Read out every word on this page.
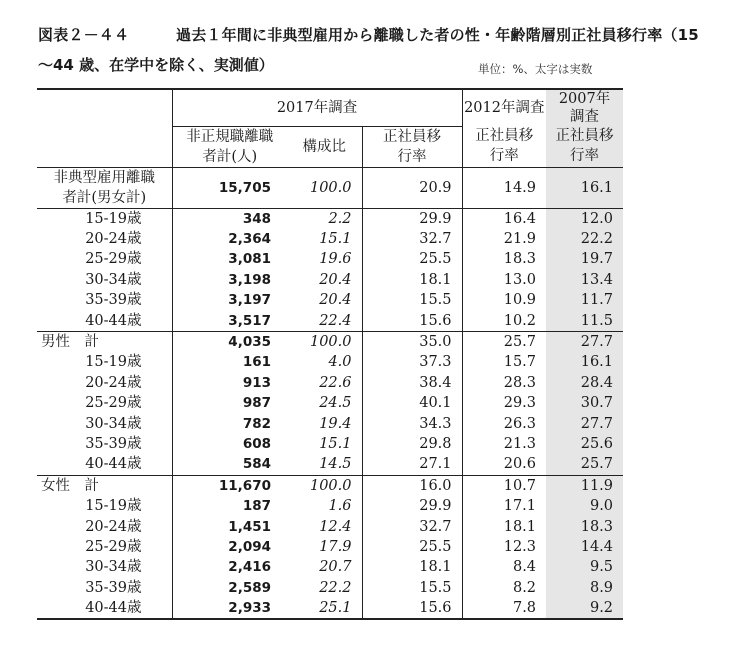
図表２－４４	過去１年間に非典型雇用から離職した者の性・年齢階層別正社員移行率（15
～44 歳、在学中を除く、実測値）	単位：%、太字は実数
	2017年調査			2012年調査	2007年
調査
	非正規職離職
者計(人)	構成比	正社員移
行率	正社員移
行率	正社員移
行率
非典型雇用離職
者計(男女計)	15,705	100.0	20.9	14.9	16.1
15-19歳	348	2.2	29.9	16.4	12.0
20-24歳	2,364	15.1	32.7	21.9	22.2
25-29歳	3,081	19.6	25.5	18.3	19.7
30-34歳	3,198	20.4	18.1	13.0	13.4
35-39歳	3,197	20.4	15.5	10.9	11.7
40-44歳	3,517	22.4	15.6	10.2	11.5
男性　計	4,035	100.0	35.0	25.7	27.7
15-19歳	161	4.0	37.3	15.7	16.1
20-24歳	913	22.6	38.4	28.3	28.4
25-29歳	987	24.5	40.1	29.3	30.7
30-34歳	782	19.4	34.3	26.3	27.7
35-39歳	608	15.1	29.8	21.3	25.6
40-44歳	584	14.5	27.1	20.6	25.7
女性　計	11,670	100.0	16.0	10.7	11.9
15-19歳	187	1.6	29.9	17.1	9.0
20-24歳	1,451	12.4	32.7	18.1	18.3
25-29歳	2,094	17.9	25.5	12.3	14.4
30-34歳	2,416	20.7	18.1	8.4	9.5
35-39歳	2,589	22.2	15.5	8.2	8.9
40-44歳	2,933	25.1	15.6	7.8	9.2
